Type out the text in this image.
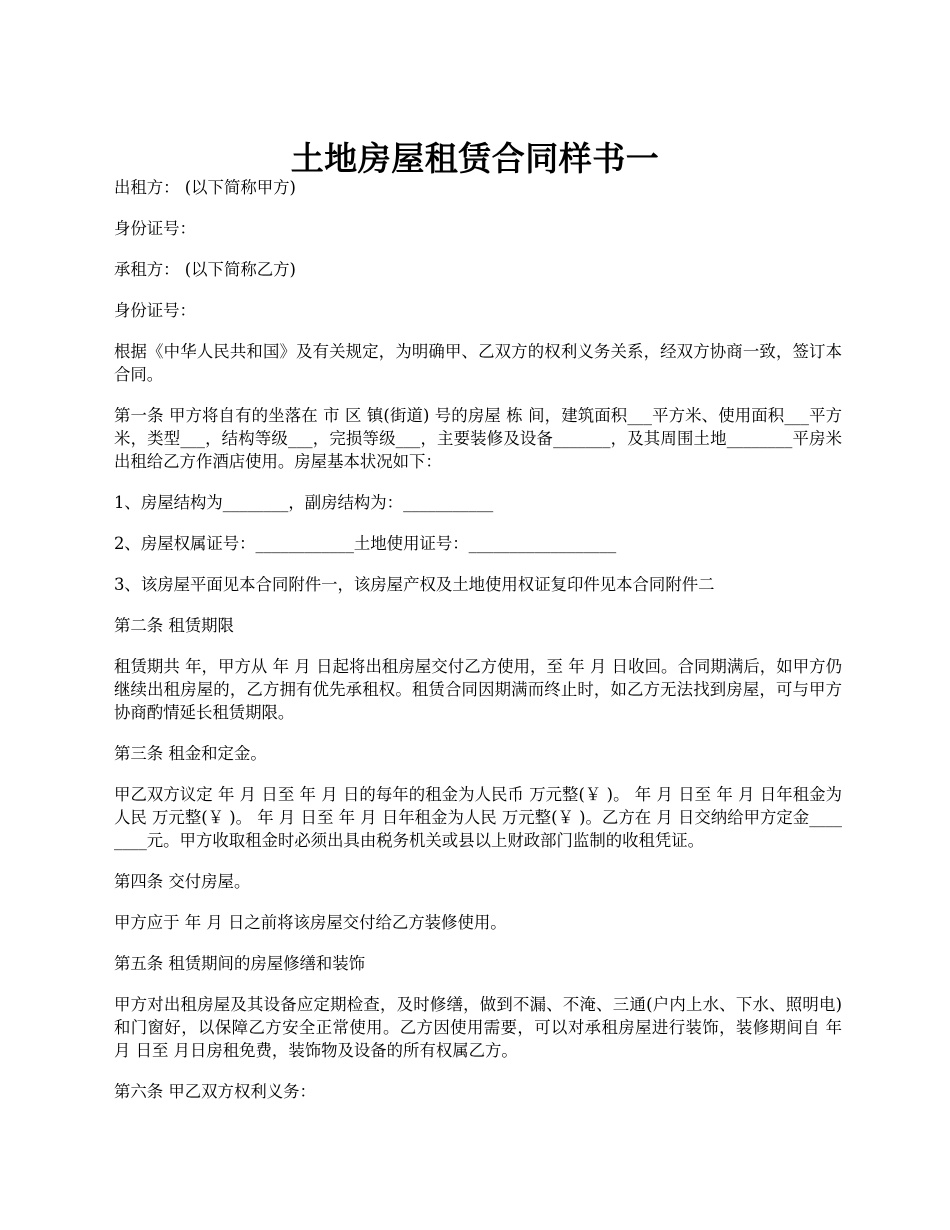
土地房屋租赁合同样书一

出租方： (以下简称甲方)

身份证号：

承租方： (以下简称乙方)

身份证号：

根据《中华人民共和国》及有关规定，为明确甲、乙双方的权利义务关系，经双方协商一致，签订本合同。

第一条 甲方将自有的坐落在 市 区 镇(街道) 号的房屋 栋 间，建筑面积___平方米、使用面积___平方米，类型___，结构等级___，完损等级___，主要装修及设备_______，及其周围土地________平房米出租给乙方作酒店使用。房屋基本状况如下：

1、房屋结构为________，副房结构为：___________

2、房屋权属证号：____________土地使用证号：__________________

3、该房屋平面见本合同附件一，该房屋产权及土地使用权证复印件见本合同附件二

第二条 租赁期限

租赁期共 年，甲方从 年 月 日起将出租房屋交付乙方使用，至 年 月 日收回。合同期满后，如甲方仍继续出租房屋的，乙方拥有优先承租权。租赁合同因期满而终止时，如乙方无法找到房屋，可与甲方协商酌情延长租赁期限。

第三条 租金和定金。

甲乙双方议定 年 月 日至 年 月 日的每年的租金为人民币 万元整(￥ )。 年 月 日至 年 月 日年租金为人民 万元整(￥ )。 年 月 日至 年 月 日年租金为人民 万元整(￥ )。乙方在 月 日交纳给甲方定金________元。甲方收取租金时必须出具由税务机关或县以上财政部门监制的收租凭证。

第四条 交付房屋。

甲方应于 年 月 日之前将该房屋交付给乙方装修使用。

第五条 租赁期间的房屋修缮和装饰

甲方对出租房屋及其设备应定期检查，及时修缮，做到不漏、不淹、三通(户内上水、下水、照明电)和门窗好，以保障乙方安全正常使用。乙方因使用需要，可以对承租房屋进行装饰，装修期间自 年 月 日至 月日房租免费，装饰物及设备的所有权属乙方。

第六条 甲乙双方权利义务：
